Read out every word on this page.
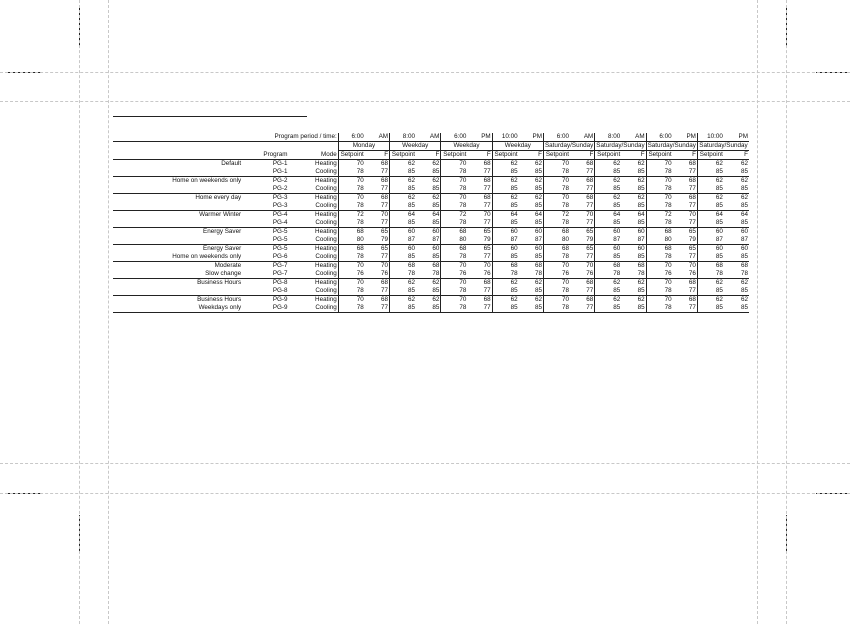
Program period / time:			6:00	AM	8:00	AM	6:00	PM	10:00	PM	6:00	AM	8:00	AM	6:00	PM	10:00	PM
			Monday		Weekday		Weekday		Weekday		Saturday/Sunday		Saturday/Sunday		Saturday/Sunday		Saturday/Sunday	
	Program	Mode	Setpoint	F	Setpoint	F	Setpoint	F	Setpoint	F	Setpoint	F	Setpoint	F	Setpoint	F	Setpoint	F
Default	PG-1	Heating	70	68	62	62	70	68	62	62	70	68	62	62	70	68	62	62
	PG-1	Cooling	78	77	85	85	78	77	85	85	78	77	85	85	78	77	85	85
Home on weekends only	PG-2	Heating	70	68	62	62	70	68	62	62	70	68	62	62	70	68	62	62
	PG-2	Cooling	78	77	85	85	78	77	85	85	78	77	85	85	78	77	85	85
Home every day	PG-3	Heating	70	68	62	62	70	68	62	62	70	68	62	62	70	68	62	62
	PG-3	Cooling	78	77	85	85	78	77	85	85	78	77	85	85	78	77	85	85
Warmer Winter	PG-4	Heating	72	70	64	64	72	70	64	64	72	70	64	64	72	70	64	64
	PG-4	Cooling	78	77	85	85	78	77	85	85	78	77	85	85	78	77	85	85
Energy Saver	PG-5	Heating	68	65	60	60	68	65	60	60	68	65	60	60	68	65	60	60
	PG-5	Cooling	80	79	87	87	80	79	87	87	80	79	87	87	80	79	87	87
Energy Saver	PG-5	Heating	68	65	60	60	68	65	60	60	68	65	60	60	68	65	60	60
Home on weekends only	PG-6	Cooling	78	77	85	85	78	77	85	85	78	77	85	85	78	77	85	85
Moderate	PG-7	Heating	70	70	68	68	70	70	68	68	70	70	68	68	70	70	68	68
Slow change	PG-7	Cooling	76	76	78	78	76	76	78	78	76	76	78	78	76	76	78	78
Business Hours	PG-8	Heating	70	68	62	62	70	68	62	62	70	68	62	62	70	68	62	62
	PG-8	Cooling	78	77	85	85	78	77	85	85	78	77	85	85	78	77	85	85
Business Hours	PG-9	Heating	70	68	62	62	70	68	62	62	70	68	62	62	70	68	62	62
Weekdays only	PG-9	Cooling	78	77	85	85	78	77	85	85	78	77	85	85	78	77	85	85
